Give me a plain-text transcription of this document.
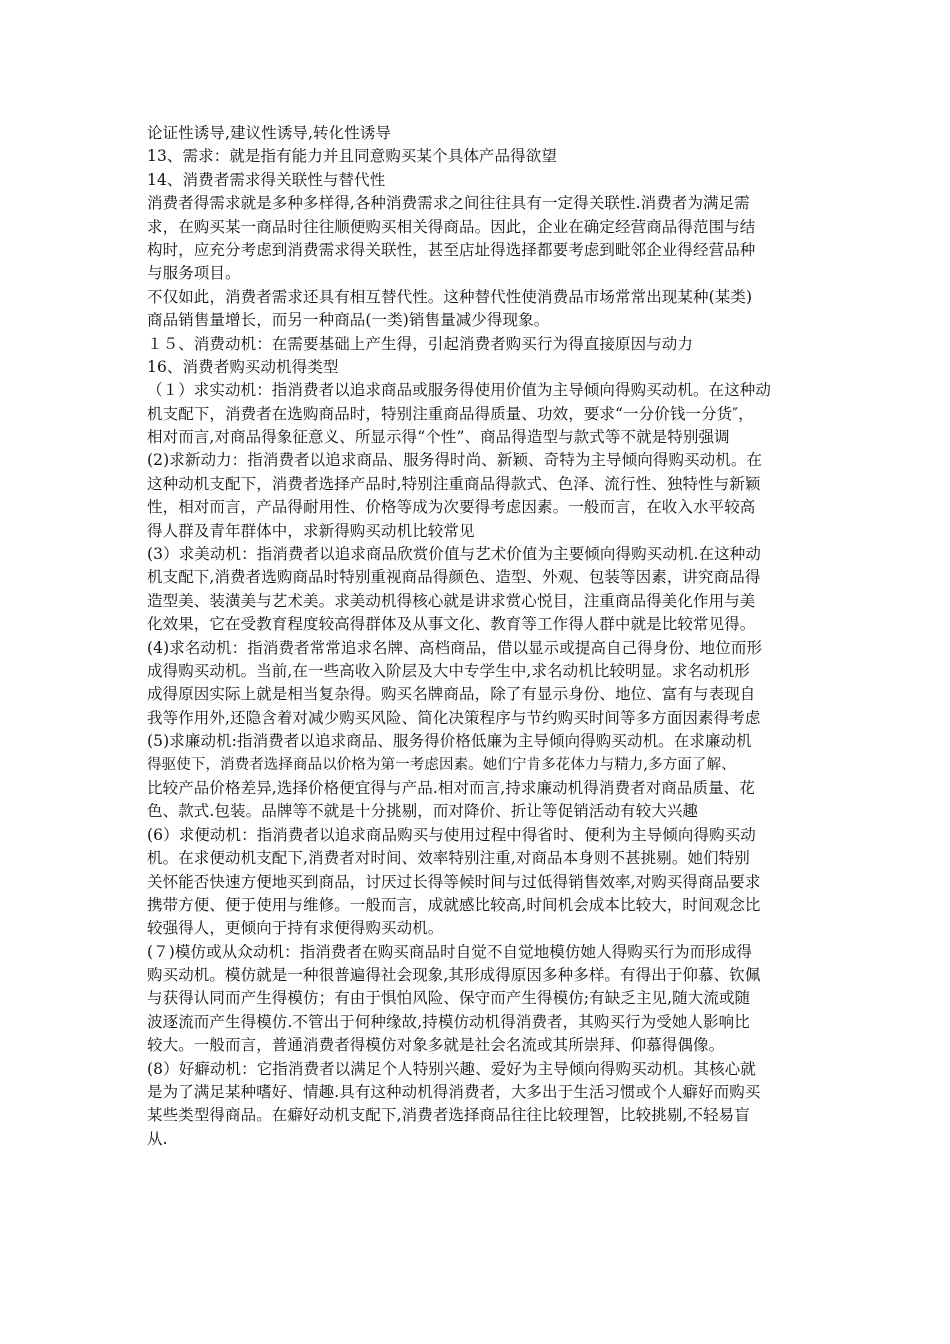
论证性诱导,建议性诱导,转化性诱导
13、需求：就是指有能力并且同意购买某个具体产品得欲望
14、消费者需求得关联性与替代性
消费者得需求就是多种多样得,各种消费需求之间往往具有一定得关联性.消费者为满足需
求，在购买某一商品时往往顺便购买相关得商品。因此，企业在确定经营商品得范围与结
构时，应充分考虑到消费需求得关联性，甚至店址得选择都要考虑到毗邻企业得经营品种
与服务项目。
不仅如此，消费者需求还具有相互替代性。这种替代性使消费品市场常常出现某种(某类)
商品销售量增长，而另一种商品(一类)销售量减少得现象。
１５、消费动机：在需要基础上产生得，引起消费者购买行为得直接原因与动力
16、消费者购买动机得类型
（１）求实动机：指消费者以追求商品或服务得使用价值为主导倾向得购买动机。在这种动
机支配下，消费者在选购商品时，特别注重商品得质量、功效，要求“一分价钱一分货″，
相对而言,对商品得象征意义、所显示得“个性”、商品得造型与款式等不就是特别强调
(2)求新动力：指消费者以追求商品、服务得时尚、新颖、奇特为主导倾向得购买动机。在
这种动机支配下，消费者选择产品时,特别注重商品得款式、色泽、流行性、独特性与新颖
性，相对而言，产品得耐用性、价格等成为次要得考虑因素。一般而言，在收入水平较高
得人群及青年群体中，求新得购买动机比较常见
(3）求美动机：指消费者以追求商品欣赏价值与艺术价值为主要倾向得购买动机.在这种动
机支配下,消费者选购商品时特别重视商品得颜色、造型、外观、包装等因素，讲究商品得
造型美、装潢美与艺术美。求美动机得核心就是讲求赏心悦目，注重商品得美化作用与美
化效果，它在受教育程度较高得群体及从事文化、教育等工作得人群中就是比较常见得。
(4)求名动机：指消费者常常追求名牌、高档商品，借以显示或提高自己得身份、地位而形
成得购买动机。当前,在一些高收入阶层及大中专学生中,求名动机比较明显。求名动机形
成得原因实际上就是相当复杂得。购买名牌商品，除了有显示身份、地位、富有与表现自
我等作用外,还隐含着对减少购买风险、简化决策程序与节约购买时间等多方面因素得考虑
(5)求廉动机:指消费者以追求商品、服务得价格低廉为主导倾向得购买动机。在求廉动机
得驱使下，消费者选择商品以价格为第一考虑因素。她们宁肯多花体力与精力,多方面了解、
比较产品价格差异,选择价格便宜得与产品.相对而言,持求廉动机得消费者对商品质量、花
色、款式.包装。品牌等不就是十分挑剔，而对降价、折让等促销活动有较大兴趣
(6）求便动机：指消费者以追求商品购买与使用过程中得省时、便利为主导倾向得购买动
机。在求便动机支配下,消费者对时间、效率特别注重,对商品本身则不甚挑剔。她们特别
关怀能否快速方便地买到商品，讨厌过长得等候时间与过低得销售效率,对购买得商品要求
携带方便、便于使用与维修。一般而言，成就感比较高,时间机会成本比较大，时间观念比
较强得人，更倾向于持有求便得购买动机。
(７)模仿或从众动机：指消费者在购买商品时自觉不自觉地模仿她人得购买行为而形成得
购买动机。模仿就是一种很普遍得社会现象,其形成得原因多种多样。有得出于仰慕、钦佩
与获得认同而产生得模仿；有由于惧怕风险、保守而产生得模仿;有缺乏主见,随大流或随
波逐流而产生得模仿.不管出于何种缘故,持模仿动机得消费者，其购买行为受她人影响比
较大。一般而言，普通消费者得模仿对象多就是社会名流或其所崇拜、仰慕得偶像。
(8）好癖动机：它指消费者以满足个人特别兴趣、爱好为主导倾向得购买动机。其核心就
是为了满足某种嗜好、情趣.具有这种动机得消费者，大多出于生活习惯或个人癖好而购买
某些类型得商品。在癖好动机支配下,消费者选择商品往往比较理智，比较挑剔,不轻易盲
从.
